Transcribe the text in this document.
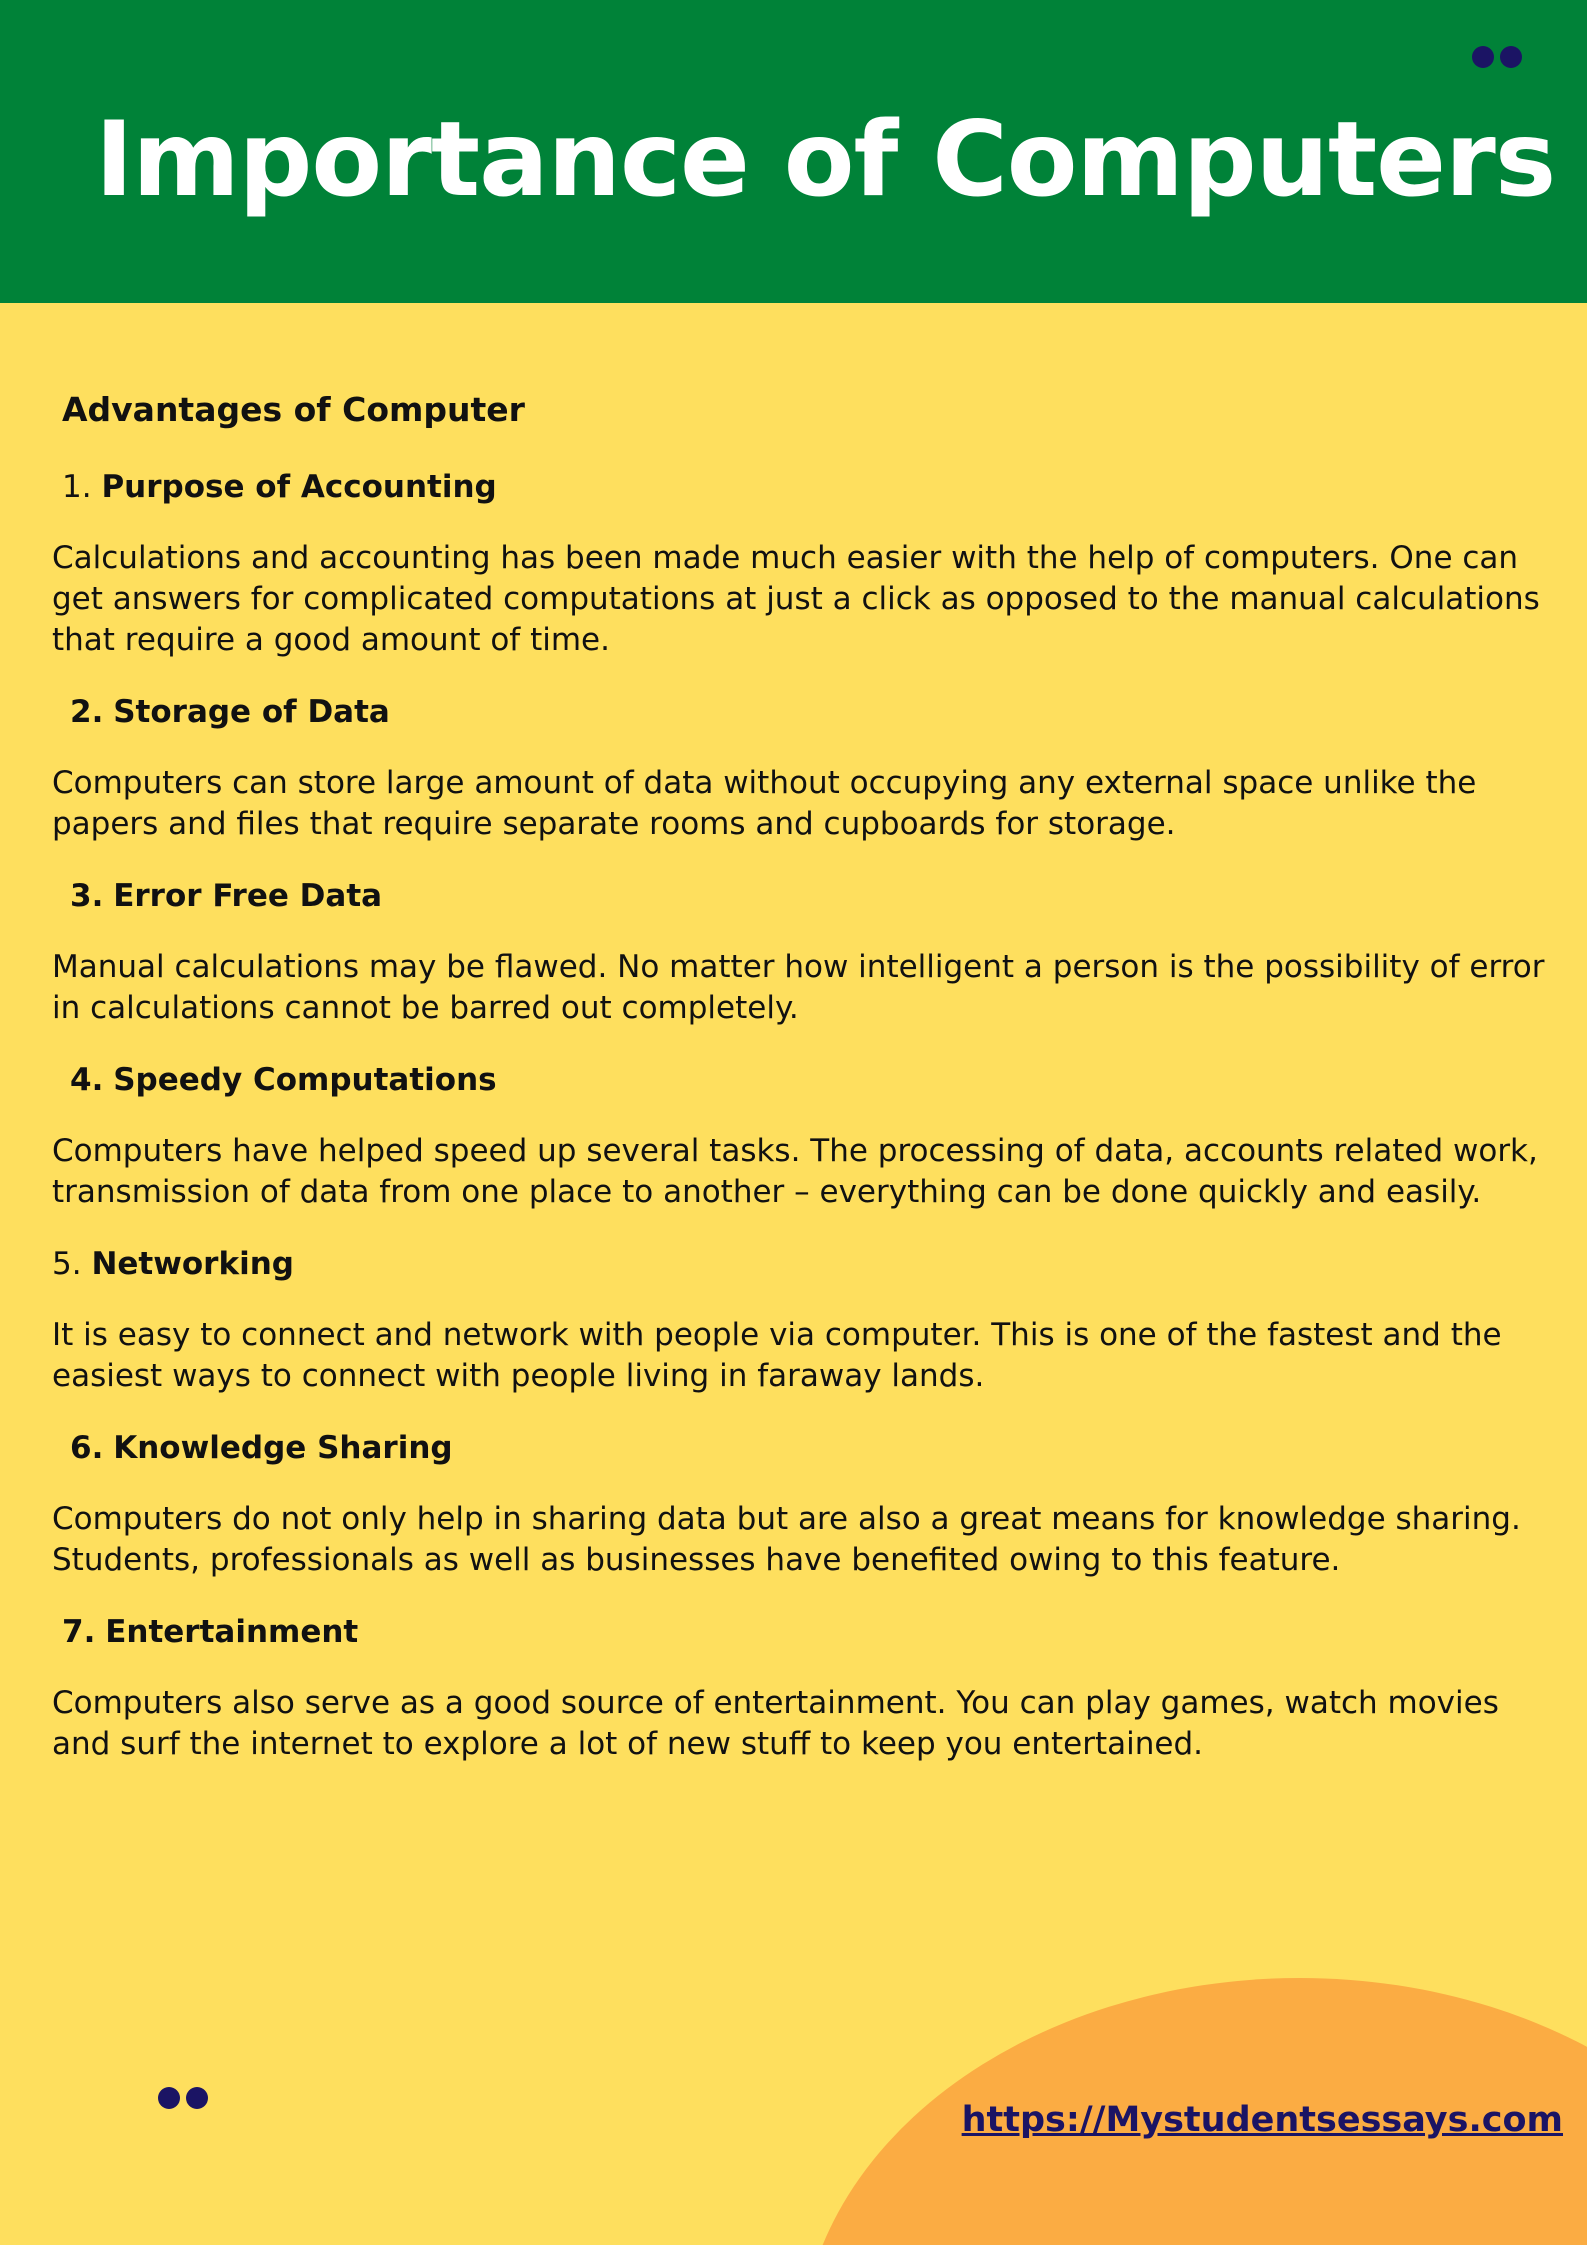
Importance of Computers

Advantages of Computer

1. Purpose of Accounting

Calculations and accounting has been made much easier with the help of computers. One can get answers for complicated computations at just a click as opposed to the manual calculations that require a good amount of time.

2. Storage of Data

Computers can store large amount of data without occupying any external space unlike the papers and files that require separate rooms and cupboards for storage.

3. Error Free Data

Manual calculations may be flawed. No matter how intelligent a person is the possibility of error in calculations cannot be barred out completely.

4. Speedy Computations

Computers have helped speed up several tasks. The processing of data, accounts related work, transmission of data from one place to another – everything can be done quickly and easily.

5. Networking

It is easy to connect and network with people via computer. This is one of the fastest and the easiest ways to connect with people living in faraway lands.

6. Knowledge Sharing

Computers do not only help in sharing data but are also a great means for knowledge sharing. Students, professionals as well as businesses have benefited owing to this feature.

7. Entertainment

Computers also serve as a good source of entertainment. You can play games, watch movies and surf the internet to explore a lot of new stuff to keep you entertained.

https://Mystudentsessays.com
